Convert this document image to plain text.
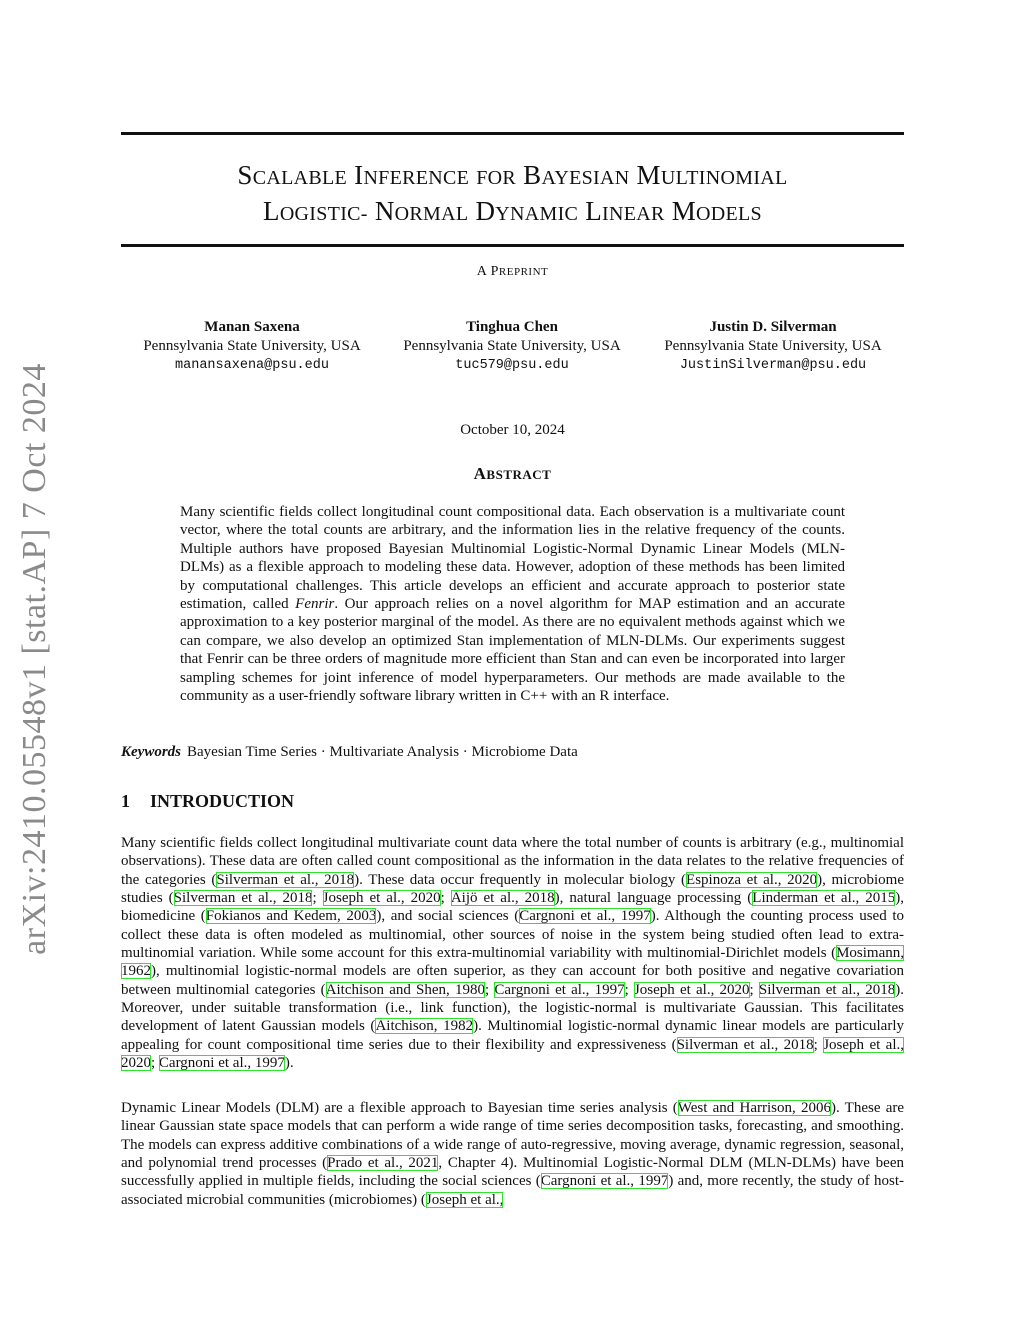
arXiv:2410.05548v1 [stat.AP] 7 Oct 2024
SCALABLE INFERENCE FOR BAYESIAN MULTINOMIAL
LOGISTIC- NORMAL DYNAMIC LINEAR MODELS
A PREPRINT
Manan Saxena
Pennsylvania State University, USA
manansaxena@psu.edu
Tinghua Chen
Pennsylvania State University, USA
tuc579@psu.edu
Justin D. Silverman
Pennsylvania State University, USA
JustinSilverman@psu.edu
October 10, 2024
ABSTRACT
Many scientific fields collect longitudinal count compositional data. Each observation is a multivariate count vector, where the total counts are arbitrary, and the information lies in the relative frequency of the counts. Multiple authors have proposed Bayesian Multinomial Logistic-Normal Dynamic Linear Models (MLN-DLMs) as a flexible approach to modeling these data. However, adoption of these methods has been limited by computational challenges. This article develops an efficient and accurate approach to posterior state estimation, called Fenrir. Our approach relies on a novel algorithm for MAP estimation and an accurate approximation to a key posterior marginal of the model. As there are no equivalent methods against which we can compare, we also develop an optimized Stan implementation of MLN-DLMs. Our experiments suggest that Fenrir can be three orders of magnitude more efficient than Stan and can even be incorporated into larger sampling schemes for joint inference of model hyperparameters. Our methods are made available to the community as a user-friendly software library written in C++ with an R interface.
Keywords Bayesian Time Series · Multivariate Analysis · Microbiome Data
1 INTRODUCTION
Many scientific fields collect longitudinal multivariate count data where the total number of counts is arbitrary (e.g., multinomial observations). These data are often called count compositional as the information in the data relates to the relative frequencies of the categories (Silverman et al., 2018). These data occur frequently in molecular biology (Espinoza et al., 2020), microbiome studies (Silverman et al., 2018; Joseph et al., 2020; Äijö et al., 2018), natural language processing (Linderman et al., 2015), biomedicine (Fokianos and Kedem, 2003), and social sciences (Cargnoni et al., 1997). Although the counting process used to collect these data is often modeled as multinomial, other sources of noise in the system being studied often lead to extra-multinomial variation. While some account for this extra-multinomial variability with multinomial-Dirichlet models (Mosimann, 1962), multinomial logistic-normal models are often superior, as they can account for both positive and negative covariation between multinomial categories (Aitchison and Shen, 1980; Cargnoni et al., 1997; Joseph et al., 2020; Silverman et al., 2018). Moreover, under suitable transformation (i.e., link function), the logistic-normal is multivariate Gaussian. This facilitates development of latent Gaussian models (Aitchison, 1982). Multinomial logistic-normal dynamic linear models are particularly appealing for count compositional time series due to their flexibility and expressiveness (Silverman et al., 2018; Joseph et al., 2020; Cargnoni et al., 1997).
Dynamic Linear Models (DLM) are a flexible approach to Bayesian time series analysis (West and Harrison, 2006). These are linear Gaussian state space models that can perform a wide range of time series decomposition tasks, forecasting, and smoothing. The models can express additive combinations of a wide range of auto-regressive, moving average, dynamic regression, seasonal, and polynomial trend processes (Prado et al., 2021, Chapter 4). Multinomial Logistic-Normal DLM (MLN-DLMs) have been successfully applied in multiple fields, including the social sciences (Cargnoni et al., 1997) and, more recently, the study of host-associated microbial communities (microbiomes) (Joseph et al.,
